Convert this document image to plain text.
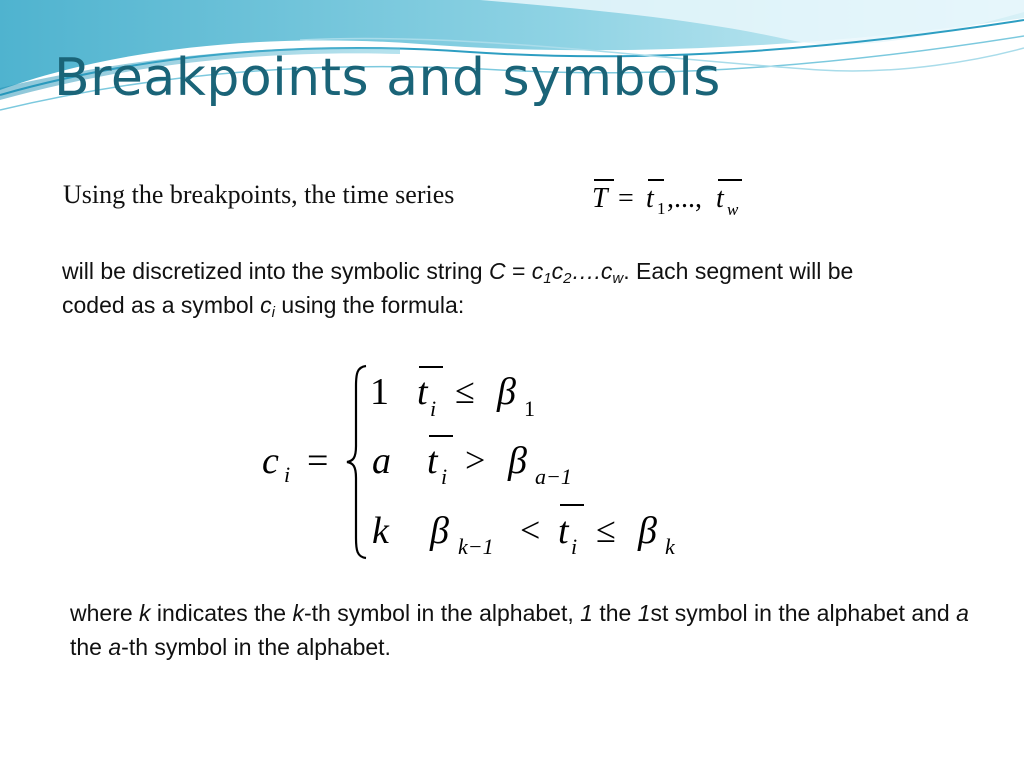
Breakpoints and symbols
Using the breakpoints, the time series	T = t 1 ,..., t w

will be discretized into the symbolic string $C = c_1c_2\dots.c_w$. Each segment will be coded as a symbol $c_i$ using the formula:

c i =
1 t i ≤ β 1
a t i > β a−1
k β k−1 < t i ≤ β k

where k indicates the k-th symbol in the alphabet, 1 the 1st symbol in the alphabet and a the a-th symbol in the alphabet.
